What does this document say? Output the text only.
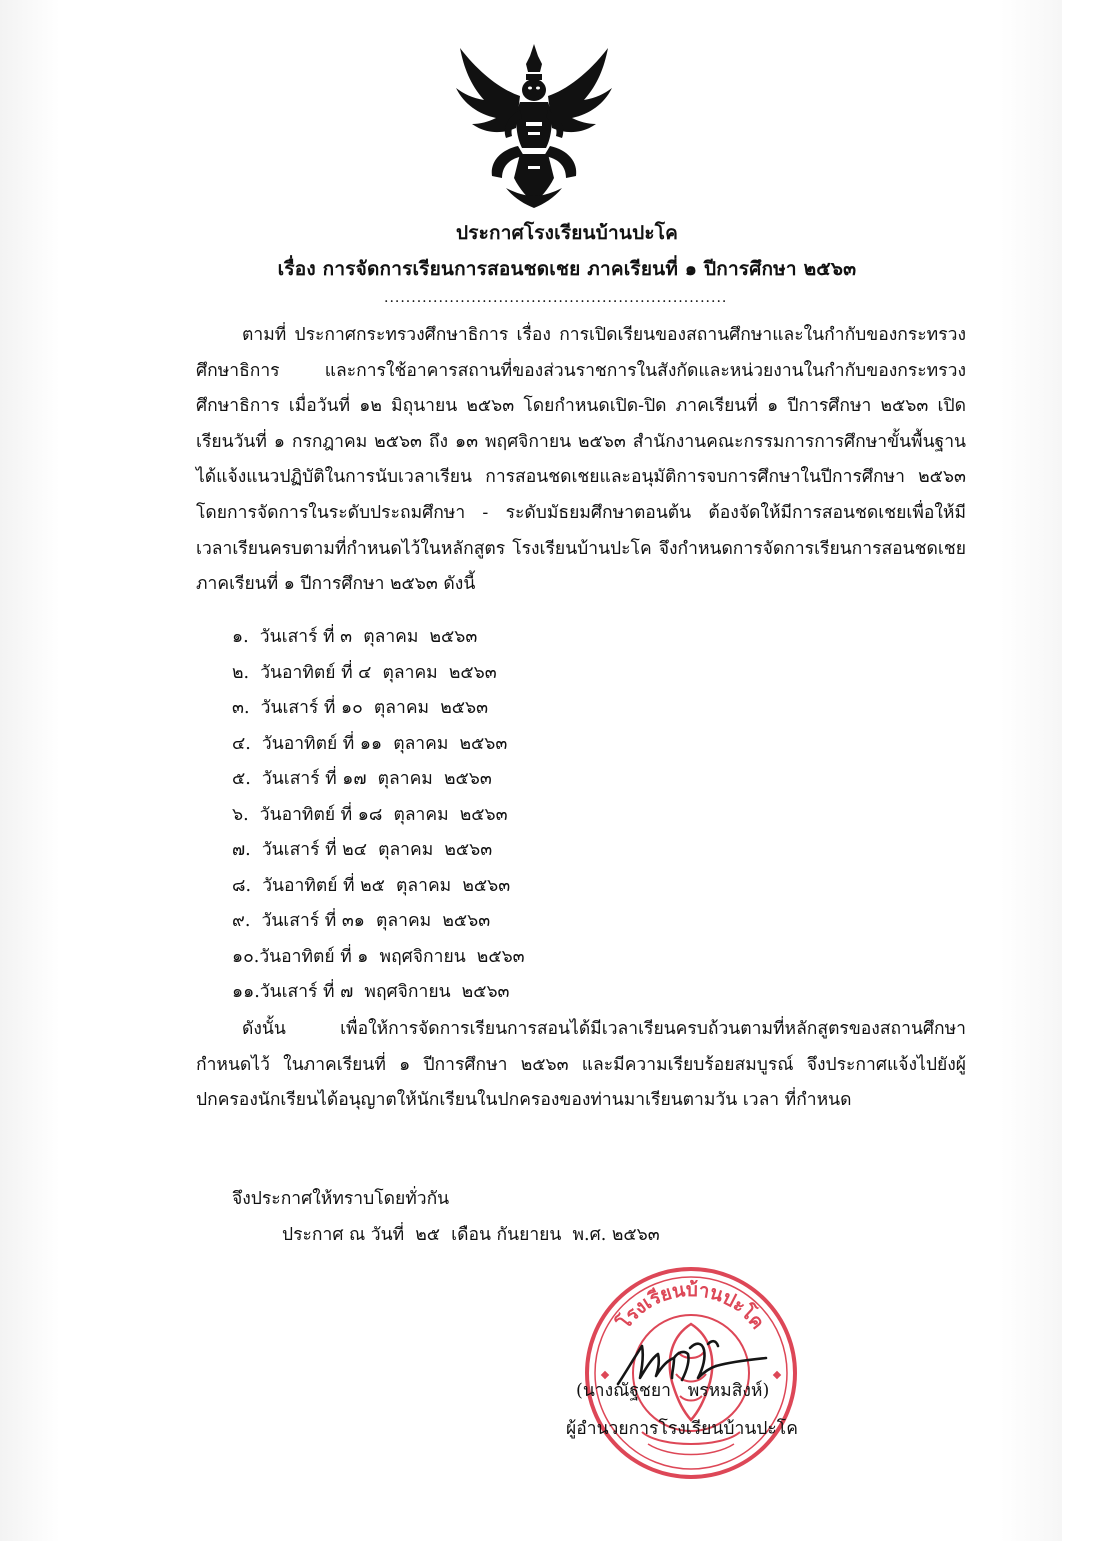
ประกาศโรงเรียนบ้านปะโค
เรื่อง การจัดการเรียนการสอนชดเชย ภาคเรียนที่ ๑ ปีการศึกษา ๒๕๖๓
...............................................................

ตามที่ ประกาศกระทรวงศึกษาธิการ เรื่อง การเปิดเรียนของสถานศึกษาและในกำกับของกระทรวงศึกษาธิการ และการใช้อาคารสถานที่ของส่วนราชการในสังกัดและหน่วยงานในกำกับของกระทรวงศึกษาธิการ เมื่อวันที่ ๑๒ มิถุนายน ๒๕๖๓ โดยกำหนดเปิด-ปิด ภาคเรียนที่ ๑ ปีการศึกษา ๒๕๖๓ เปิดเรียนวันที่ ๑ กรกฎาคม ๒๕๖๓ ถึง ๑๓ พฤศจิกายน ๒๕๖๓ สำนักงานคณะกรรมการการศึกษาขั้นพื้นฐาน ได้แจ้งแนวปฏิบัติในการนับเวลาเรียน การสอนชดเชยและอนุมัติการจบการศึกษาในปีการศึกษา ๒๕๖๓ โดยการจัดการในระดับประถมศึกษา - ระดับมัธยมศึกษาตอนต้น ต้องจัดให้มีการสอนชดเชยเพื่อให้มีเวลาเรียนครบตามที่กำหนดไว้ในหลักสูตร โรงเรียนบ้านปะโค จึงกำหนดการจัดการเรียนการสอนชดเชยภาคเรียนที่ ๑ ปีการศึกษา ๒๕๖๓ ดังนี้

๑.  วันเสาร์ ที่ ๓  ตุลาคม  ๒๕๖๓
๒.  วันอาทิตย์ ที่ ๔  ตุลาคม  ๒๕๖๓
๓.  วันเสาร์ ที่ ๑๐  ตุลาคม  ๒๕๖๓
๔.  วันอาทิตย์ ที่ ๑๑  ตุลาคม  ๒๕๖๓
๕.  วันเสาร์ ที่ ๑๗  ตุลาคม  ๒๕๖๓
๖.  วันอาทิตย์ ที่ ๑๘  ตุลาคม  ๒๕๖๓
๗.  วันเสาร์ ที่ ๒๔  ตุลาคม  ๒๕๖๓
๘.  วันอาทิตย์ ที่ ๒๕  ตุลาคม  ๒๕๖๓
๙.  วันเสาร์ ที่ ๓๑  ตุลาคม  ๒๕๖๓
๑๐.วันอาทิตย์ ที่ ๑  พฤศจิกายน  ๒๕๖๓
๑๑.วันเสาร์ ที่ ๗  พฤศจิกายน  ๒๕๖๓

ดังนั้น เพื่อให้การจัดการเรียนการสอนได้มีเวลาเรียนครบถ้วนตามที่หลักสูตรของสถานศึกษากำหนดไว้ ในภาคเรียนที่ ๑ ปีการศึกษา ๒๕๖๓ และมีความเรียบร้อยสมบูรณ์ จึงประกาศแจ้งไปยังผู้ปกครองนักเรียนได้อนุญาตให้นักเรียนในปกครองของท่านมาเรียนตามวัน เวลา ที่กำหนด

จึงประกาศให้ทราบโดยทั่วกัน
ประกาศ ณ วันที่  ๒๕  เดือน กันยายน  พ.ศ. ๒๕๖๓
โรงเรียนบ้านปะโค
(นางณัฐชยา   พรหมสิงห์)
ผู้อำนวยการโรงเรียนบ้านปะโค
